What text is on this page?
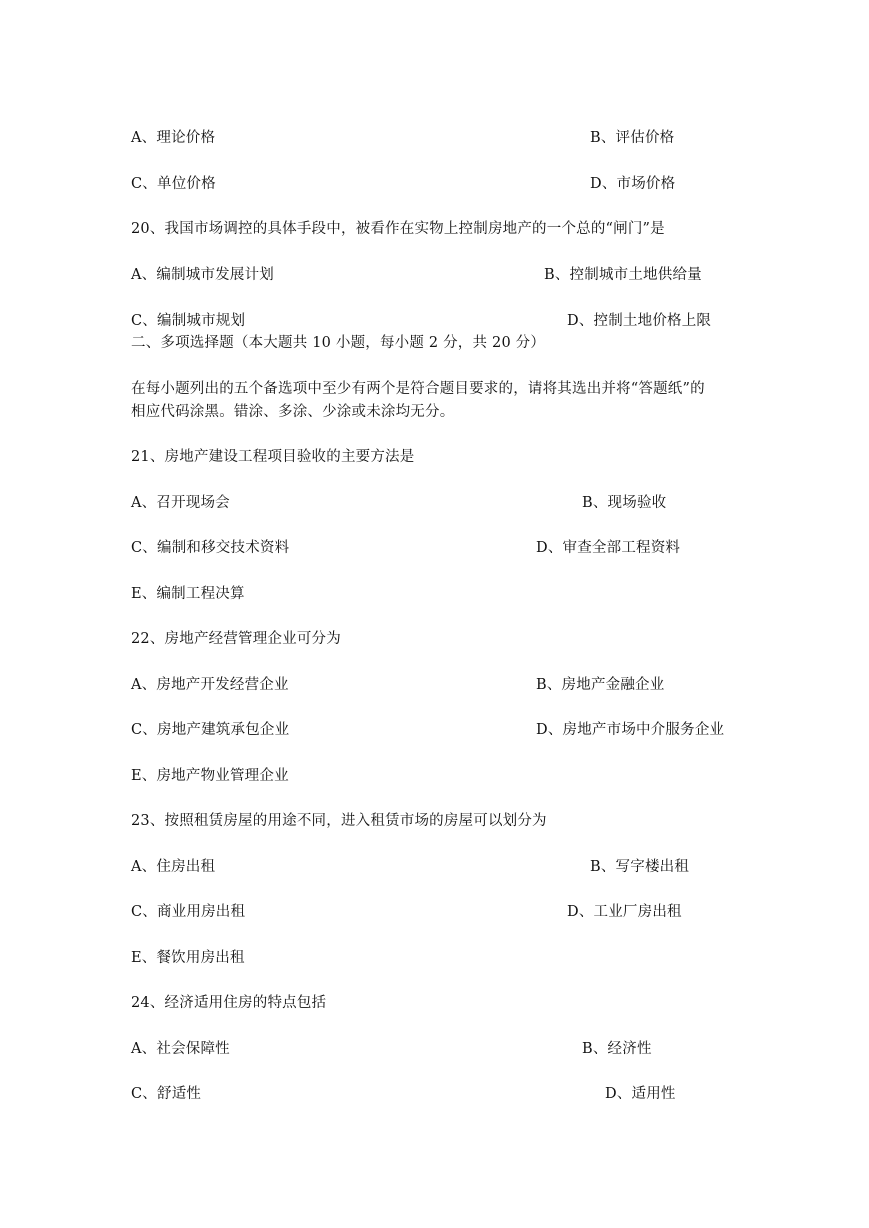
A、理论价格	B、评估价格
C、单位价格	D、市场价格
20、我国市场调控的具体手段中，被看作在实物上控制房地产的一个总的“闸门”是
A、编制城市发展计划	B、控制城市土地供给量
C、编制城市规划	D、控制土地价格上限
二、多项选择题（本大题共 10 小题，每小题 2 分，共 20 分）
在每小题列出的五个备选项中至少有两个是符合题目要求的，请将其选出并将“答题纸”的
相应代码涂黑。错涂、多涂、少涂或未涂均无分。
21、房地产建设工程项目验收的主要方法是
A、召开现场会	B、现场验收
C、编制和移交技术资料	D、审查全部工程资料
E、编制工程决算
22、房地产经营管理企业可分为
A、房地产开发经营企业	B、房地产金融企业
C、房地产建筑承包企业	D、房地产市场中介服务企业
E、房地产物业管理企业
23、按照租赁房屋的用途不同，进入租赁市场的房屋可以划分为
A、住房出租	B、写字楼出租
C、商业用房出租	D、工业厂房出租
E、餐饮用房出租
24、经济适用住房的特点包括
A、社会保障性	B、经济性
C、舒适性	D、适用性
